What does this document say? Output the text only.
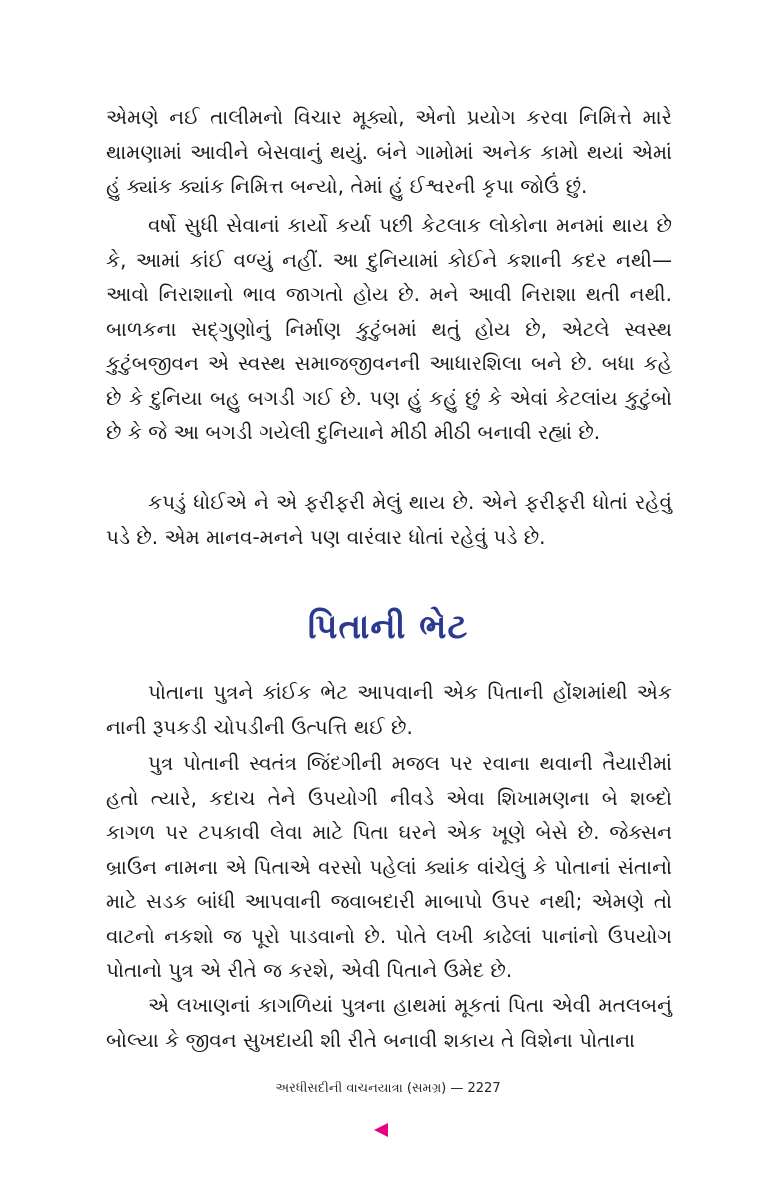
એમણે નઈ તાલીમનો વિચાર મૂક્યો, એનો પ્રયોગ કરવા નિમિત્તે મારે થામણામાં આવીને બેસવાનું થયું. બંને ગામોમાં અનેક કામો થયાં એમાં હું ક્યાંક ક્યાંક નિમિત્ત બન્યો, તેમાં હું ઈશ્વરની કૃપા જોઉં છું.

વર્ષો સુધી સેવાનાં કાર્યો કર્યા પછી કેટલાક લોકોના મનમાં થાય છે કે, આમાં કાંઈ વળ્યું નહીં. આ દુનિયામાં કોઈને કશાની કદર નથી—આવો નિરાશાનો ભાવ જાગતો હોય છે. મને આવી નિરાશા થતી નથી. બાળકના સદ્ગુણોનું નિર્માણ કુટુંબમાં થતું હોય છે, એટલે સ્વસ્થ કુટુંબજીવન એ સ્વસ્થ સમાજજીવનની આધારશિલા બને છે. બધા કહે છે કે દુનિયા બહુ બગડી ગઈ છે. પણ હું કહું છું કે એવાં કેટલાંય કુટુંબો છે કે જે આ બગડી ગયેલી દુનિયાને મીઠી મીઠી બનાવી રહ્યાં છે.

કપડું ધોઈએ ને એ ફરીફરી મેલું થાય છે. એને ફરીફરી ધોતાં રહેવું પડે છે. એમ માનવ-મનને પણ વારંવાર ધોતાં રહેવું પડે છે.

પિતાની ભેટ

પોતાના પુત્રને કાંઈક ભેટ આપવાની એક પિતાની હોંશમાંથી એક નાની રૂપકડી ચોપડીની ઉત્પત્તિ થઈ છે.

પુત્ર પોતાની સ્વતંત્ર જિંદગીની મજલ પર રવાના થવાની તૈયારીમાં હતો ત્યારે, કદાચ તેને ઉપયોગી નીવડે એવા શિખામણના બે શબ્દો કાગળ પર ટપકાવી લેવા માટે પિતા ઘરને એક ખૂણે બેસે છે. જેક્સન બ્રાઉન નામના એ પિતાએ વરસો પહેલાં ક્યાંક વાંચેલું કે પોતાનાં સંતાનો માટે સડક બાંધી આપવાની જવાબદારી માબાપો ઉપર નથી; એમણે તો વાટનો નકશો જ પૂરો પાડવાનો છે. પોતે લખી કાઢેલાં પાનાંનો ઉપયોગ પોતાનો પુત્ર એ રીતે જ કરશે, એવી પિતાને ઉમેદ છે.

એ લખાણનાં કાગળિયાં પુત્રના હાથમાં મૂકતાં પિતા એવી મતલબનું બોલ્યા કે જીવન સુખદાયી શી રીતે બનાવી શકાય તે વિશેના પોતાના

અરધીસદીની વાચનયાત્રા (સમગ્ર) — 2227
